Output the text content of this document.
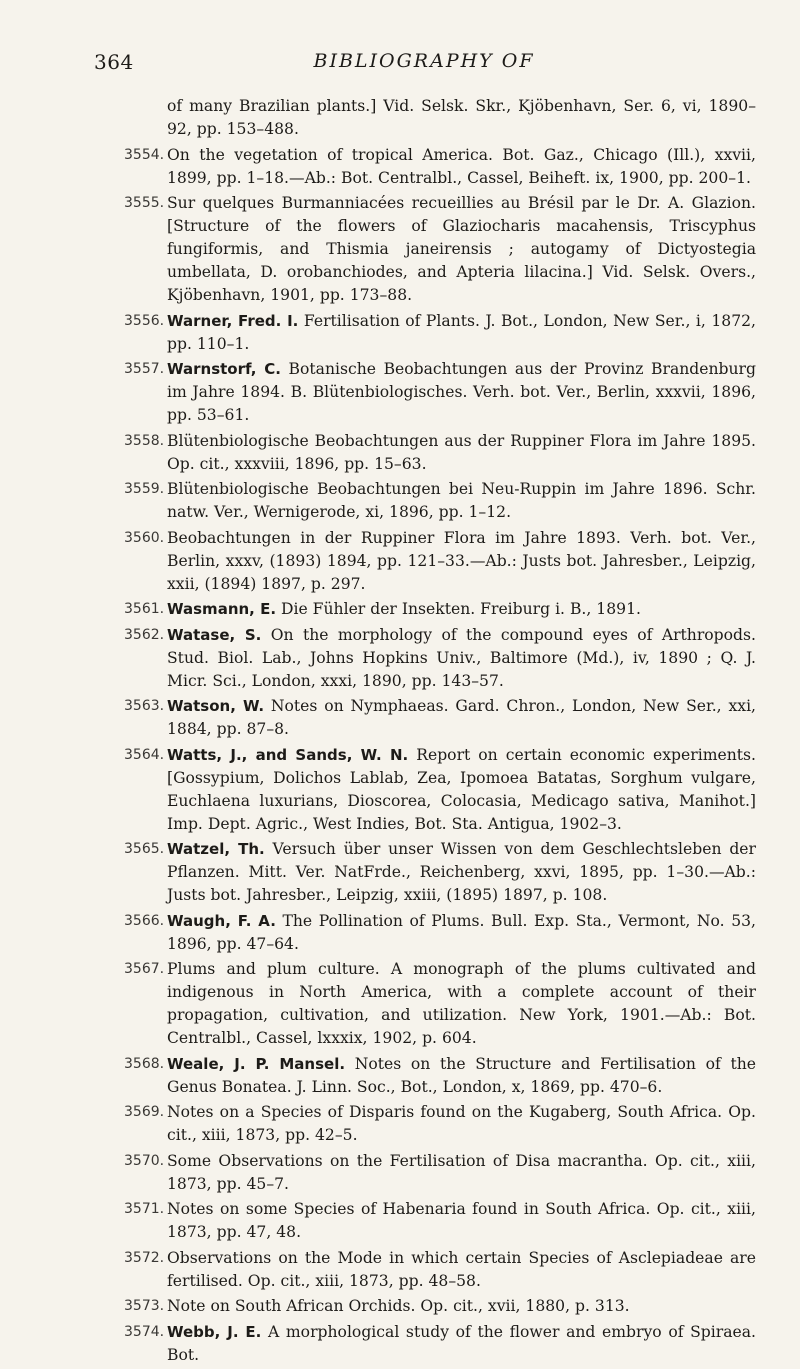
364	BIBLIOGRAPHY OF

of many Brazilian plants.] Vid. Selsk. Skr., Kjöbenhavn, Ser. 6, vi, 1890–92, pp. 153–488.

3554. On the vegetation of tropical America. Bot. Gaz., Chicago (Ill.), xxvii, 1899, pp. 1–18.—Ab.: Bot. Centralbl., Cassel, Beiheft. ix, 1900, pp. 200–1.

3555. Sur quelques Burmanniacées recueillies au Brésil par le Dr. A. Glazion. [Structure of the flowers of Glaziocharis macahensis, Triscyphus fungiformis, and Thismia janeirensis ; autogamy of Dictyostegia umbellata, D. orobanchiodes, and Apteria lilacina.] Vid. Selsk. Overs., Kjöbenhavn, 1901, pp. 173–88.

3556. Warner, Fred. I. Fertilisation of Plants. J. Bot., London, New Ser., i, 1872, pp. 110–1.

3557. Warnstorf, C. Botanische Beobachtungen aus der Provinz Brandenburg im Jahre 1894. B. Blütenbiologisches. Verh. bot. Ver., Berlin, xxxvii, 1896, pp. 53–61.

3558. Blütenbiologische Beobachtungen aus der Ruppiner Flora im Jahre 1895. Op. cit., xxxviii, 1896, pp. 15–63.

3559. Blütenbiologische Beobachtungen bei Neu-Ruppin im Jahre 1896. Schr. natw. Ver., Wernigerode, xi, 1896, pp. 1–12.

3560. Beobachtungen in der Ruppiner Flora im Jahre 1893. Verh. bot. Ver., Berlin, xxxv, (1893) 1894, pp. 121–33.—Ab.: Justs bot. Jahresber., Leipzig, xxii, (1894) 1897, p. 297.

3561. Wasmann, E. Die Fühler der Insekten. Freiburg i. B., 1891.

3562. Watase, S. On the morphology of the compound eyes of Arthropods. Stud. Biol. Lab., Johns Hopkins Univ., Baltimore (Md.), iv, 1890 ; Q. J. Micr. Sci., London, xxxi, 1890, pp. 143–57.

3563. Watson, W. Notes on Nymphaeas. Gard. Chron., London, New Ser., xxi, 1884, pp. 87–8.

3564. Watts, J., and Sands, W. N. Report on certain economic experiments. [Gossypium, Dolichos Lablab, Zea, Ipomoea Batatas, Sorghum vulgare, Euchlaena luxurians, Dioscorea, Colocasia, Medicago sativa, Manihot.] Imp. Dept. Agric., West Indies, Bot. Sta. Antigua, 1902–3.

3565. Watzel, Th. Versuch über unser Wissen von dem Geschlechtsleben der Pflanzen. Mitt. Ver. NatFrde., Reichenberg, xxvi, 1895, pp. 1–30.—Ab.: Justs bot. Jahresber., Leipzig, xxiii, (1895) 1897, p. 108.

3566. Waugh, F. A. The Pollination of Plums. Bull. Exp. Sta., Vermont, No. 53, 1896, pp. 47–64.

3567. Plums and plum culture. A monograph of the plums cultivated and indigenous in North America, with a complete account of their propagation, cultivation, and utilization. New York, 1901.—Ab.: Bot. Centralbl., Cassel, lxxxix, 1902, p. 604.

3568. Weale, J. P. Mansel. Notes on the Structure and Fertilisation of the Genus Bonatea. J. Linn. Soc., Bot., London, x, 1869, pp. 470–6.

3569. Notes on a Species of Disparis found on the Kugaberg, South Africa. Op. cit., xiii, 1873, pp. 42–5.

3570. Some Observations on the Fertilisation of Disa macrantha. Op. cit., xiii, 1873, pp. 45–7.

3571. Notes on some Species of Habenaria found in South Africa. Op. cit., xiii, 1873, pp. 47, 48.

3572. Observations on the Mode in which certain Species of Asclepiadeae are fertilised. Op. cit., xiii, 1873, pp. 48–58.

3573. Note on South African Orchids. Op. cit., xvii, 1880, p. 313.

3574. Webb, J. E. A morphological study of the flower and embryo of Spiraea. Bot.
